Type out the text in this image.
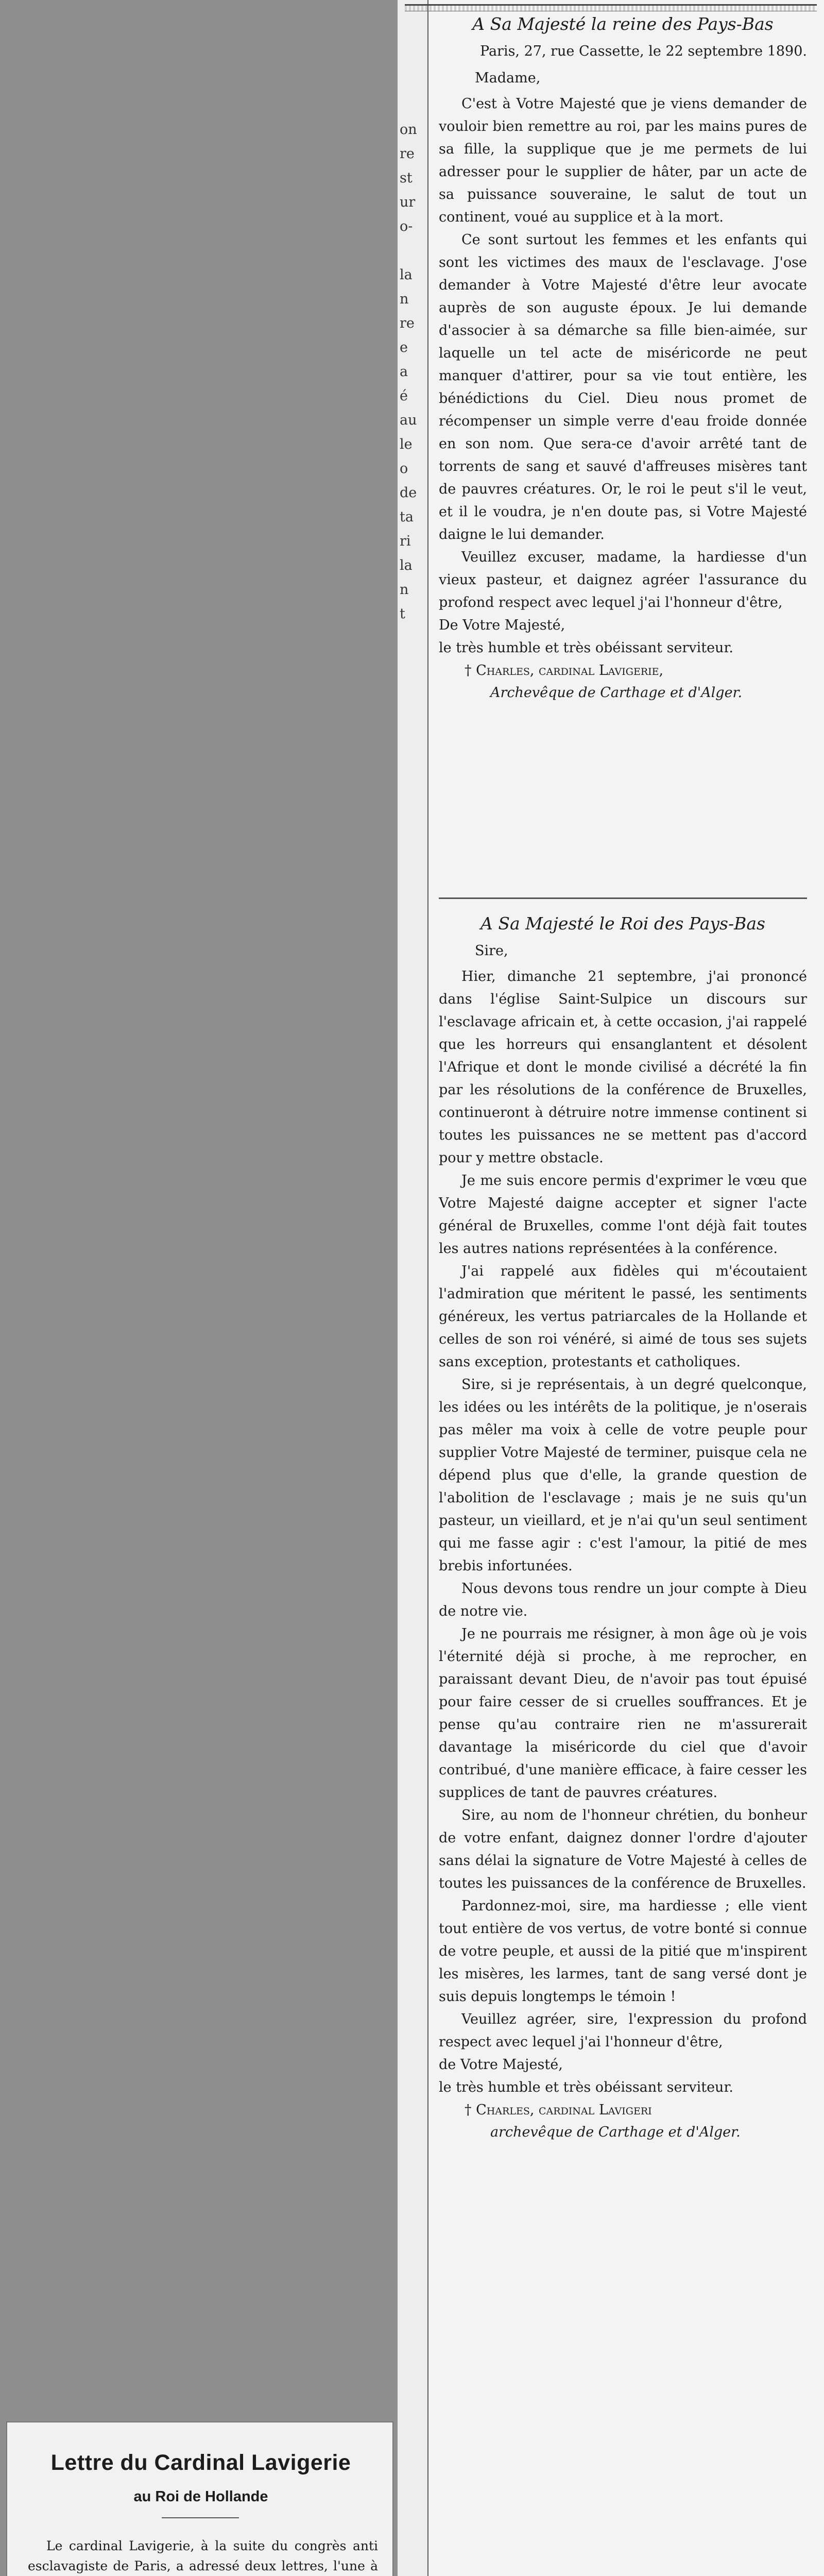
on
re
st
ur
o-
la
n
re
e
a
é
au
le
o
de
ta
ri
la
n
t
A Sa Majesté la reine des Pays-Bas
Paris, 27, rue Cassette, le 22 septembre 1890.
Madame,

C'est à Votre Majesté que je viens demander de vouloir bien remettre au roi, par les mains pures de sa fille, la supplique que je me permets de lui adresser pour le supplier de hâter, par un acte de sa puissance souveraine, le salut de tout un continent, voué au supplice et à la mort.

Ce sont surtout les femmes et les enfants qui sont les victimes des maux de l'esclavage. J'ose demander à Votre Majesté d'être leur avocate auprès de son auguste époux. Je lui demande d'associer à sa démarche sa fille bien-aimée, sur laquelle un tel acte de miséricorde ne peut manquer d'attirer, pour sa vie tout entière, les bénédictions du Ciel. Dieu nous promet de récompenser un simple verre d'eau froide donnée en son nom. Que sera-ce d'avoir arrêté tant de torrents de sang et sauvé d'affreuses misères tant de pauvres créatures. Or, le roi le peut s'il le veut, et il le voudra, je n'en doute pas, si Votre Majesté daigne le lui demander.

Veuillez excuser, madame, la hardiesse d'un vieux pasteur, et daignez agréer l'assurance du profond respect avec lequel j'ai l'honneur d'être,

De Votre Majesté,

le très humble et très obéissant serviteur.

† Charles, cardinal Lavigerie,
Archevêque de Carthage et d'Alger.
A Sa Majesté le Roi des Pays-Bas
Sire,

Hier, dimanche 21 septembre, j'ai prononcé dans l'église Saint-Sulpice un discours sur l'esclavage africain et, à cette occasion, j'ai rappelé que les horreurs qui ensanglantent et désolent l'Afrique et dont le monde civilisé a décrété la fin par les résolutions de la conférence de Bruxelles, continueront à détruire notre immense continent si toutes les puissances ne se mettent pas d'accord pour y mettre obstacle.

Je me suis encore permis d'exprimer le vœu que Votre Majesté daigne accepter et signer l'acte général de Bruxelles, comme l'ont déjà fait toutes les autres nations représentées à la conférence.

J'ai rappelé aux fidèles qui m'écoutaient l'admiration que méritent le passé, les sentiments généreux, les vertus patriarcales de la Hollande et celles de son roi vénéré, si aimé de tous ses sujets sans exception, protestants et catholiques.

Sire, si je représentais, à un degré quelconque, les idées ou les intérêts de la politique, je n'oserais pas mêler ma voix à celle de votre peuple pour supplier Votre Majesté de terminer, puisque cela ne dépend plus que d'elle, la grande question de l'abolition de l'esclavage ; mais je ne suis qu'un pasteur, un vieillard, et je n'ai qu'un seul sentiment qui me fasse agir : c'est l'amour, la pitié de mes brebis infortunées.

Nous devons tous rendre un jour compte à Dieu de notre vie.

Je ne pourrais me résigner, à mon âge où je vois l'éternité déjà si proche, à me reprocher, en paraissant devant Dieu, de n'avoir pas tout épuisé pour faire cesser de si cruelles souffrances. Et je pense qu'au contraire rien ne m'assurerait davantage la miséricorde du ciel que d'avoir contribué, d'une manière efficace, à faire cesser les supplices de tant de pauvres créatures.

Sire, au nom de l'honneur chrétien, du bonheur de votre enfant, daignez donner l'ordre d'ajouter sans délai la signature de Votre Majesté à celles de toutes les puissances de la conférence de Bruxelles.

Pardonnez-moi, sire, ma hardiesse ; elle vient tout entière de vos vertus, de votre bonté si connue de votre peuple, et aussi de la pitié que m'inspirent les misères, les larmes, tant de sang versé dont je suis depuis longtemps le témoin !

Veuillez agréer, sire, l'expression du profond respect avec lequel j'ai l'honneur d'être,

de Votre Majesté,

le très humble et très obéissant serviteur.

† Charles, cardinal Lavigeri
archevêque de Carthage et d'Alger.
Lettre du Cardinal Lavigerie
au Roi de Hollande

Le cardinal Lavigerie, à la suite du congrès anti esclavagiste de Paris, a adressé deux lettres, l'une à
